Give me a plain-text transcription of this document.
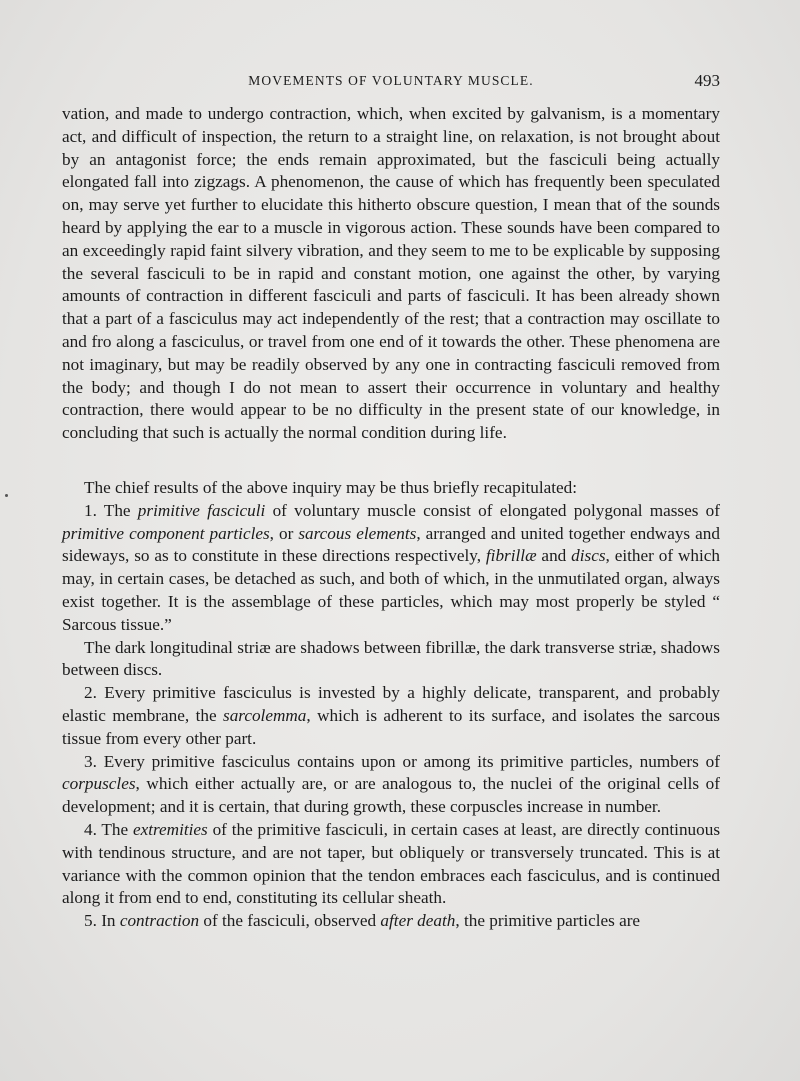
MOVEMENTS OF VOLUNTARY MUSCLE.	493

vation, and made to undergo contraction, which, when excited by galvanism, is a momentary act, and difficult of inspection, the return to a straight line, on relaxation, is not brought about by an antagonist force; the ends remain approximated, but the fasciculi being actually elongated fall into zigzags. A phenomenon, the cause of which has frequently been speculated on, may serve yet further to elucidate this hitherto obscure question, I mean that of the sounds heard by applying the ear to a muscle in vigorous action. These sounds have been compared to an exceedingly rapid faint silvery vibration, and they seem to me to be explicable by supposing the several fasciculi to be in rapid and constant motion, one against the other, by varying amounts of contraction in different fasciculi and parts of fasciculi. It has been already shown that a part of a fasciculus may act independently of the rest; that a contraction may oscillate to and fro along a fasciculus, or travel from one end of it towards the other. These phenomena are not imaginary, but may be readily observed by any one in contracting fasciculi removed from the body; and though I do not mean to assert their occurrence in voluntary and healthy contraction, there would appear to be no difficulty in the present state of our knowledge, in concluding that such is actually the normal condition during life.

The chief results of the above inquiry may be thus briefly recapitulated:

1. The primitive fasciculi of voluntary muscle consist of elongated polygonal masses of primitive component particles, or sarcous elements, arranged and united together endways and sideways, so as to constitute in these directions respectively, fibrillæ and discs, either of which may, in certain cases, be detached as such, and both of which, in the unmutilated organ, always exist together. It is the assemblage of these particles, which may most properly be styled “ Sarcous tissue.”

The dark longitudinal striæ are shadows between fibrillæ, the dark transverse striæ, shadows between discs.

2. Every primitive fasciculus is invested by a highly delicate, transparent, and probably elastic membrane, the sarcolemma, which is adherent to its surface, and isolates the sarcous tissue from every other part.

3. Every primitive fasciculus contains upon or among its primitive particles, numbers of corpuscles, which either actually are, or are analogous to, the nuclei of the original cells of development; and it is certain, that during growth, these corpuscles increase in number.

4. The extremities of the primitive fasciculi, in certain cases at least, are directly continuous with tendinous structure, and are not taper, but obliquely or transversely truncated. This is at variance with the common opinion that the tendon embraces each fasciculus, and is continued along it from end to end, constituting its cellular sheath.

5. In contraction of the fasciculi, observed after death, the primitive particles are
